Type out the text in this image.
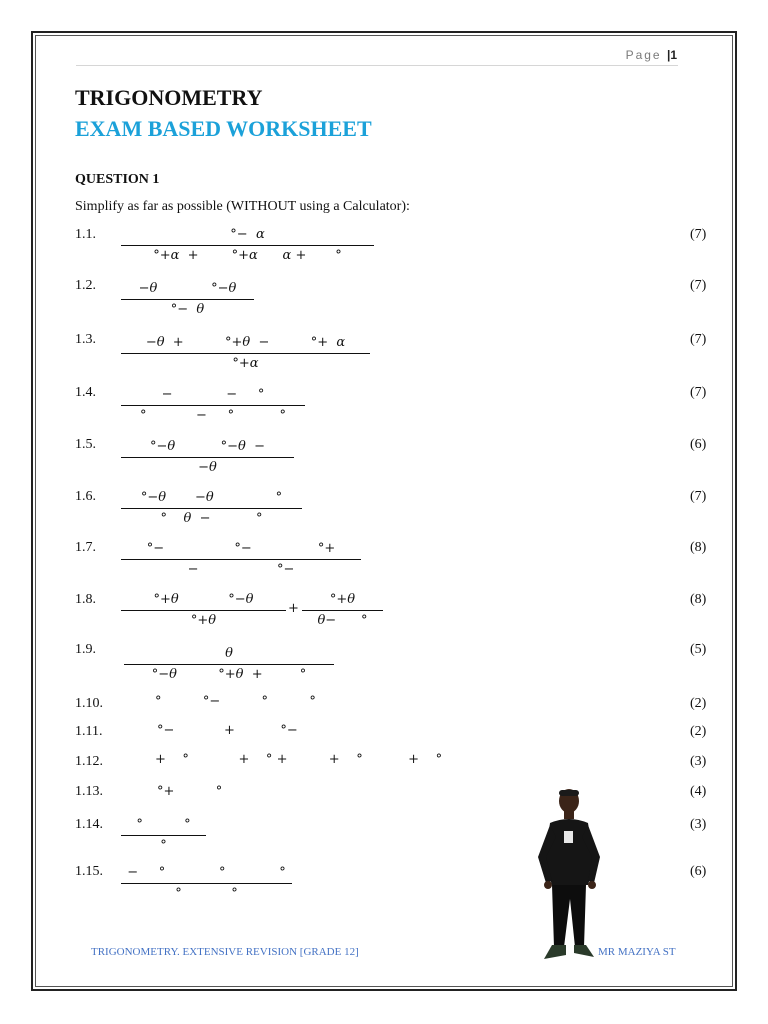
Page |1
TRIGONOMETRY
EXAM BASED WORKSHEET
QUESTION 1
Simplify as far as possible (WITHOUT using a Calculator):
1.1.	°−  α
°+α  +        °+α      α +       °
(7)
1.2.	−θ             °−θ
°−  θ
(7)
1.3.	−θ  +          °+θ  −          °+  α
°+α
(7)
1.4.	−             −     °
°            −     °           °
(7)
1.5.	°−θ           °−θ  −
−θ
(6)
1.6.	°−θ       −θ               °
°    θ  −           °
(7)
1.7.	°−                 °−                °+
−                   °−
(8)
1.8.	°+θ            °−θ
°+θ
+
°+θ
θ−      °
(8)
1.9.	θ
°−θ          °+θ  +         °
(5)
1.10.	°          °−          °          °	(2)
1.11.	°−            +           °−	(2)
1.12.	+    °            +    ° +          +    °           +    °	(3)
1.13.	°+          °	(4)
1.14.	°          °
°
(3)
1.15.	−     °             °             °
°            °
(6)
TRIGONOMETRY. EXTENSIVE REVISION [GRADE 12]	MR MAZIYA ST
